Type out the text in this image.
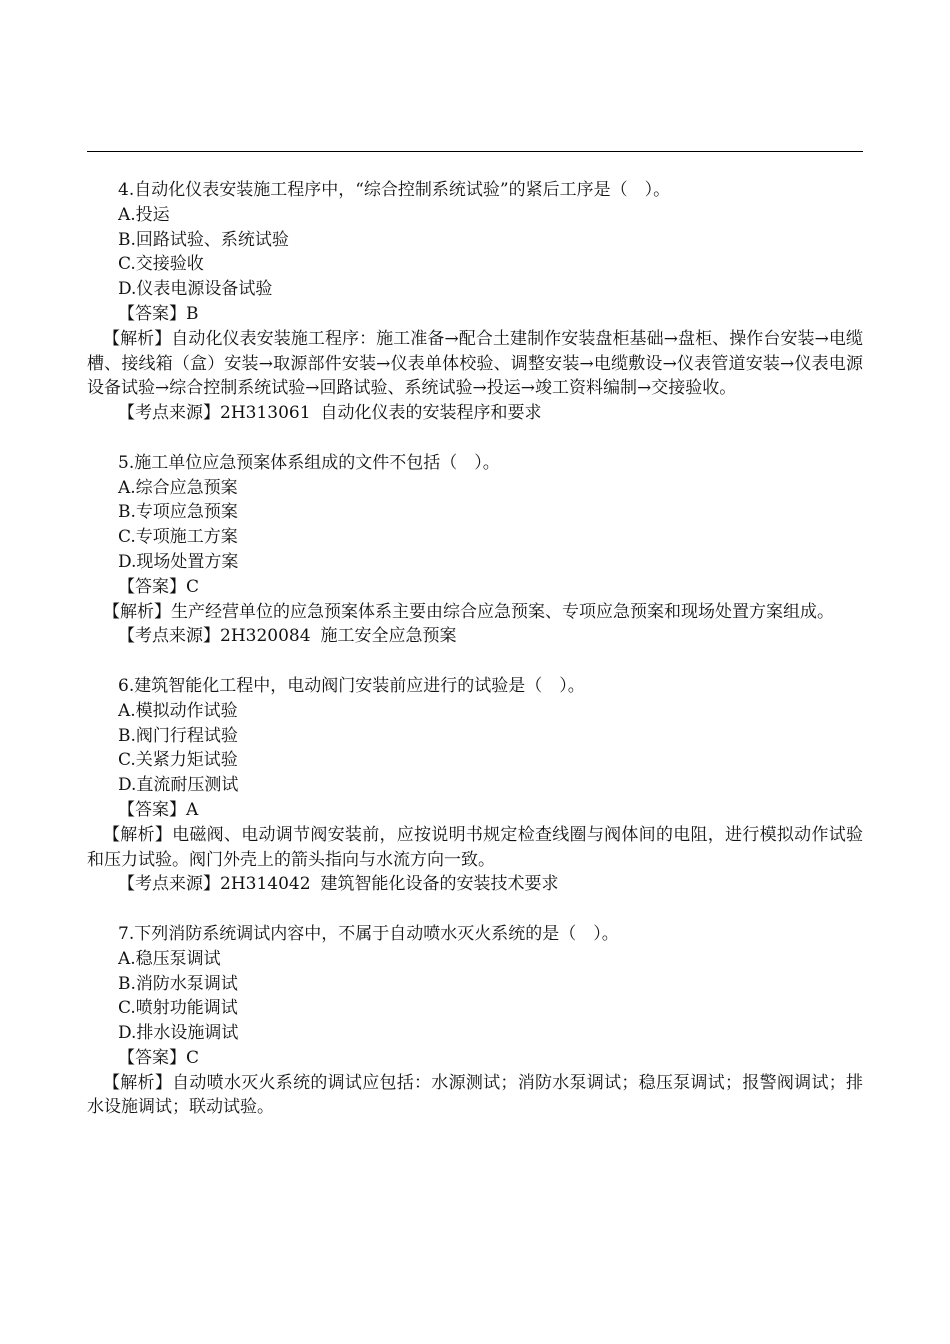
4.自动化仪表安装施工程序中，“综合控制系统试验”的紧后工序是（　）。
A.投运
B.回路试验、系统试验
C.交接验收
D.仪表电源设备试验
【答案】B
【解析】自动化仪表安装施工程序：施工准备→配合土建制作安装盘柜基础→盘柜、操作台安装→电缆槽、接线箱（盒）安装→取源部件安装→仪表单体校验、调整安装→电缆敷设→仪表管道安装→仪表电源设备试验→综合控制系统试验→回路试验、系统试验→投运→竣工资料编制→交接验收。
【考点来源】2H313061 自动化仪表的安装程序和要求
5.施工单位应急预案体系组成的文件不包括（　）。
A.综合应急预案
B.专项应急预案
C.专项施工方案
D.现场处置方案
【答案】C
【解析】生产经营单位的应急预案体系主要由综合应急预案、专项应急预案和现场处置方案组成。
【考点来源】2H320084 施工安全应急预案
6.建筑智能化工程中，电动阀门安装前应进行的试验是（　）。
A.模拟动作试验
B.阀门行程试验
C.关紧力矩试验
D.直流耐压测试
【答案】A
【解析】电磁阀、电动调节阀安装前，应按说明书规定检查线圈与阀体间的电阻，进行模拟动作试验和压力试验。阀门外壳上的箭头指向与水流方向一致。
【考点来源】2H314042 建筑智能化设备的安装技术要求
7.下列消防系统调试内容中，不属于自动喷水灭火系统的是（　）。
A.稳压泵调试
B.消防水泵调试
C.喷射功能调试
D.排水设施调试
【答案】C
【解析】自动喷水灭火系统的调试应包括：水源测试；消防水泵调试；稳压泵调试；报警阀调试；排水设施调试；联动试验。
